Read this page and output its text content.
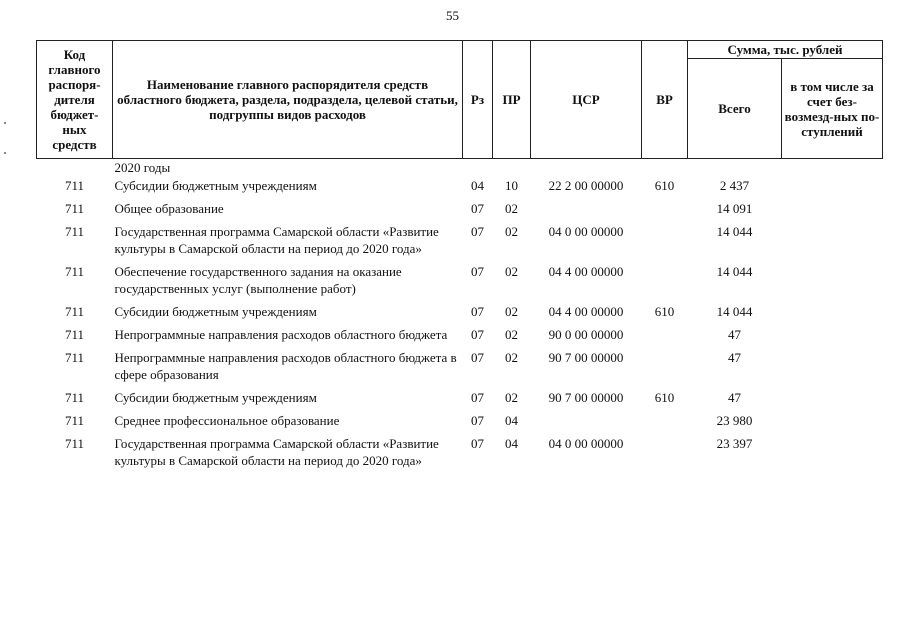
55
Код главного распоря-дителя бюджет-ных средств	Наименование главного распорядителя средств областного бюджета, раздела, подраздела, целевой статьи, подгруппы видов расходов	Рз	ПР	ЦСР	ВР	Сумма, тыс. рублей	
						Всего	в том числе за счет без-возмезд-ных по-ступлений
	2020 годы						
711	Субсидии бюджетным учреждениям	04	10	22 2 00 00000	610	2 437	
711	Общее образование	07	02			14 091	
711	Государственная программа Самарской области «Развитие культуры в Самарской области на период до 2020 года»	07	02	04 0 00 00000		14 044	
711	Обеспечение государственного задания на оказание государственных услуг (выполнение работ)	07	02	04 4 00 00000		14 044	
711	Субсидии бюджетным учреждениям	07	02	04 4 00 00000	610	14 044	
711	Непрограммные направления расходов областного бюджета	07	02	90 0 00 00000		47	
711	Непрограммные направления расходов областного бюджета в сфере образования	07	02	90 7 00 00000		47	
711	Субсидии бюджетным учреждениям	07	02	90 7 00 00000	610	47	
711	Среднее профессиональное образование	07	04			23 980	
711	Государственная программа Самарской области «Развитие культуры в Самарской области на период до 2020 года»	07	04	04 0 00 00000		23 397	
